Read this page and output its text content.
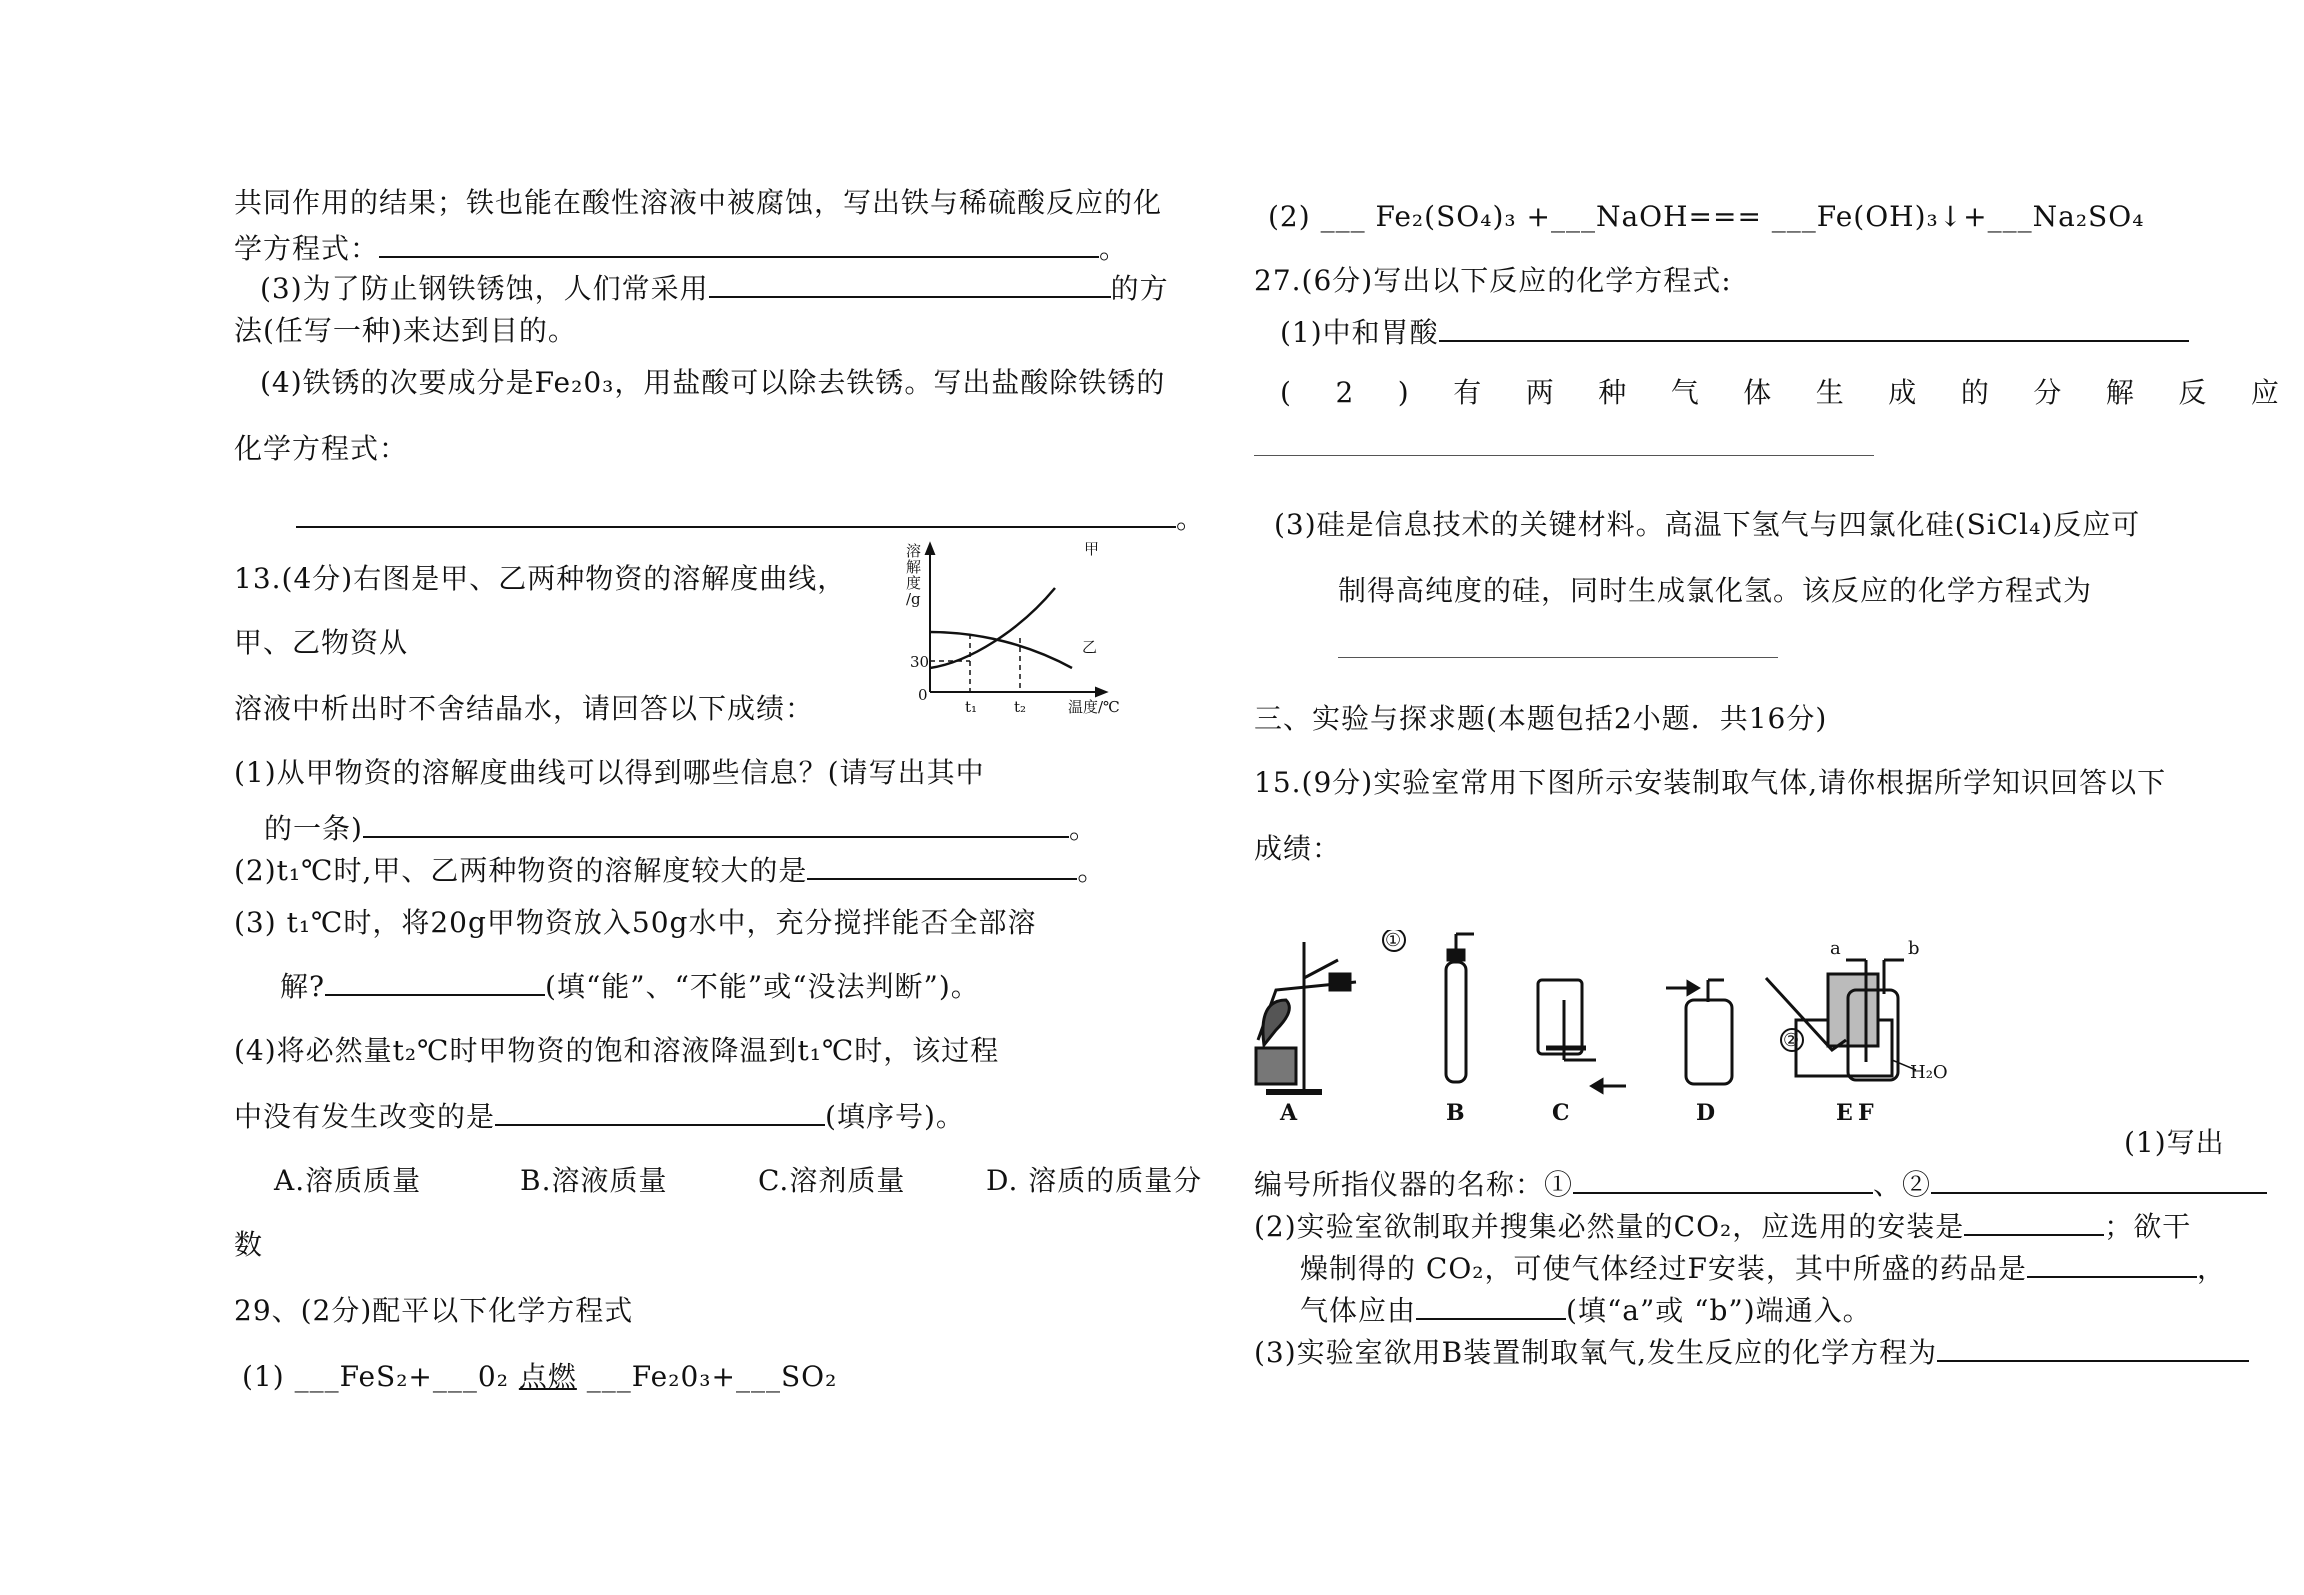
共同作用的结果；铁也能在酸性溶液中被腐蚀，写出铁与稀硫酸反应的化
学方程式：	。
(3)为了防止钢铁锈蚀，人们常采用	的方
法(任写一种)来达到目的。
(4)铁锈的次要成分是Fe₂0₃，用盐酸可以除去铁锈。写出盐酸除铁锈的
化学方程式：
。
13.(4分)右图是甲、乙两种物资的溶解度曲线，
甲、乙物资从
溶液中析出时不舍结晶水，请回答以下成绩：
(1)从甲物资的溶解度曲线可以得到哪些信息？(请写出其中
的一条)	。
(2)t₁℃时,甲、乙两种物资的溶解度较大的是	。
(3) t₁℃时，将20g甲物资放入50g水中，充分搅拌能否全部溶
解?	(填“能”、“不能”或“没法判断”)。
(4)将必然量t₂℃时甲物资的饱和溶液降温到t₁℃时，该过程
中没有发生改变的是	(填序号)。
A.溶质质量	B.溶液质量	C.溶剂质量	D. 溶质的质量分
数
29、(2分)配平以下化学方程式
(1) ___FeS₂+___0₂ 点燃 ___Fe₂0₃+___SO₂
溶
解
度
/g
30
0
t₁ t₂	温度/℃
甲
乙
(2) ___ Fe₂(SO₄)₃ +___NaOH=== ___Fe(OH)₃↓+___Na₂SO₄
27.(6分)写出以下反应的化学方程式:
(1)中和胃酸
( 2 ) 有 两 种 气 体 生 成 的 分 解 反 应
(3)硅是信息技术的关键材料。高温下氢气与四氯化硅(SiCl₄)反应可
制得高纯度的硅，同时生成氯化氢。该反应的化学方程式为
三、实验与探求题(本题包括2小题．共16分)
15.(9分)实验室常用下图所示安装制取气体,请你根据所学知识回答以下
成绩：
(1)写出
编号所指仪器的名称：①	、②
(2)实验室欲制取并搜集必然量的CO₂，应选用的安装是	；欲干
燥制得的 CO₂，可使气体经过F安装，其中所盛的药品是	，
气体应由	(填“a”或 “b”)端通入。
(3)实验室欲用B装置制取氧气,发生反应的化学方程为
A	B	C	D	E F
①
②
H₂O
a	b
